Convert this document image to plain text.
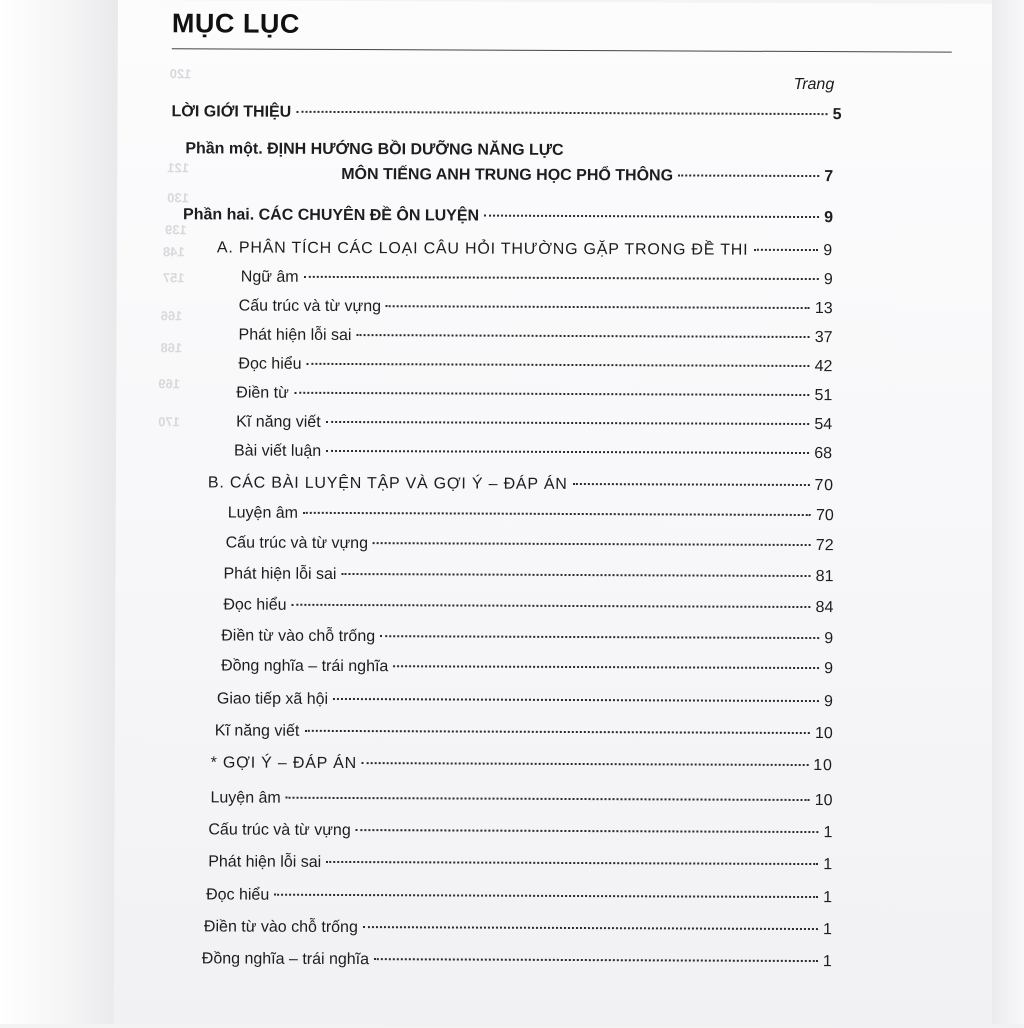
120
121
130
139
148
157
166
168
169
170
MỤC LỤC
Trang
LỜI GIỚI THIỆU	5
Phần một. ĐỊNH HƯỚNG BỒI DƯỠNG NĂNG LỰC
MÔN TIẾNG ANH TRUNG HỌC PHỔ THÔNG	7
Phần hai. CÁC CHUYÊN ĐỀ ÔN LUYỆN	9
A. PHÂN TÍCH CÁC LOẠI CÂU HỎI THƯỜNG GẶP TRONG ĐỀ THI	9
Ngữ âm	9
Cấu trúc và từ vựng	13
Phát hiện lỗi sai	37
Đọc hiểu	42
Điền từ	51
Kĩ năng viết	54
Bài viết luận	68
B. CÁC BÀI LUYỆN TẬP VÀ GỢI Ý – ĐÁP ÁN	70
Luyện âm	70
Cấu trúc và từ vựng	72
Phát hiện lỗi sai	81
Đọc hiểu	84
Điền từ vào chỗ trống	9
Đồng nghĩa – trái nghĩa	9
Giao tiếp xã hội	9
Kĩ năng viết	10
* GỢI Ý – ĐÁP ÁN	10
Luyện âm	10
Cấu trúc và từ vựng	1
Phát hiện lỗi sai	1
Đọc hiểu	1
Điền từ vào chỗ trống	1
Đồng nghĩa – trái nghĩa	1
